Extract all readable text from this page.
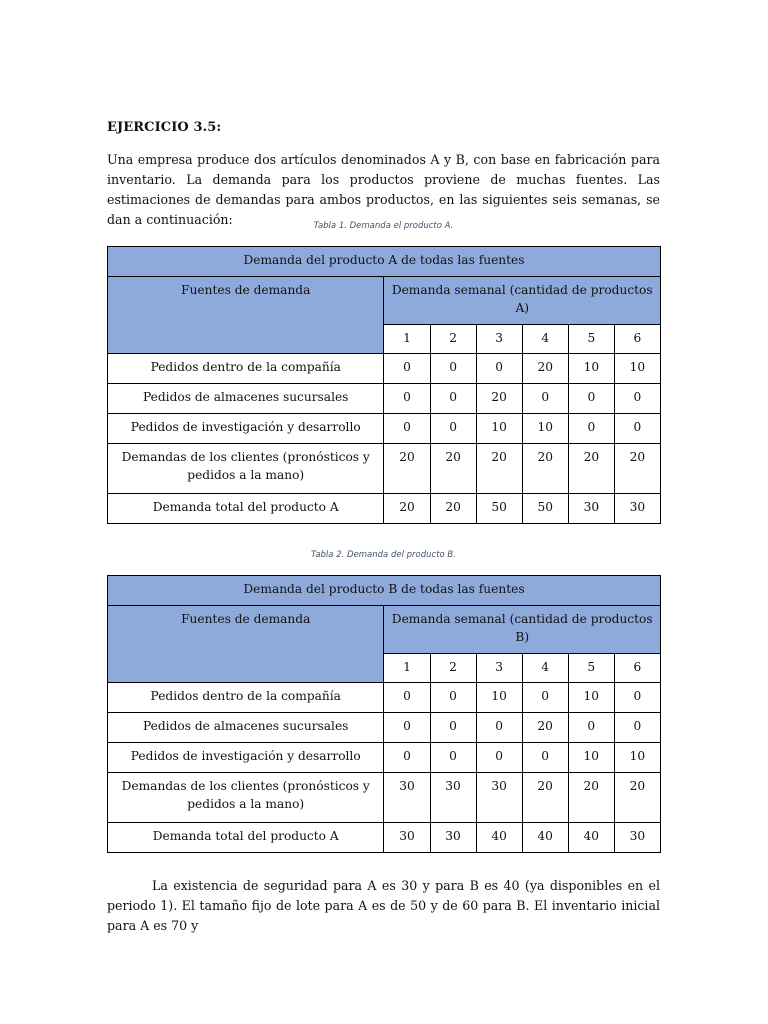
EJERCICIO 3.5:

Una empresa produce dos artículos denominados A y B, con base en fabricación para inventario. La demanda para los productos proviene de muchas fuentes. Las estimaciones de demandas para ambos productos, en las siguientes seis semanas, se dan a continuación:	Tabla 1. Demanda el producto A.
Demanda del producto A de todas las fuentes						
Fuentes de demanda	Demanda semanal (cantidad de productos A)					
	1	2	3	4	5	6
Pedidos dentro de la compañía	0	0	0	20	10	10
Pedidos de almacenes sucursales	0	0	20	0	0	0
Pedidos de investigación y desarrollo	0	0	10	10	0	0
Demandas de los clientes (pronósticos y pedidos a la mano)	20	20	20	20	20	20
Demanda total del producto A	20	20	50	50	30	30
Tabla 2. Demanda del producto B.
Demanda del producto B de todas las fuentes						
Fuentes de demanda	Demanda semanal (cantidad de productos B)					
	1	2	3	4	5	6
Pedidos dentro de la compañía	0	0	10	0	10	0
Pedidos de almacenes sucursales	0	0	0	20	0	0
Pedidos de investigación y desarrollo	0	0	0	0	10	10
Demandas de los clientes (pronósticos y pedidos a la mano)	30	30	30	20	20	20
Demanda total del producto A	30	30	40	40	40	30

La existencia de seguridad para A es 30 y para B es 40 (ya disponibles en el periodo 1). El tamaño fijo de lote para A es de 50 y de 60 para B. El inventario inicial para A es 70 y
